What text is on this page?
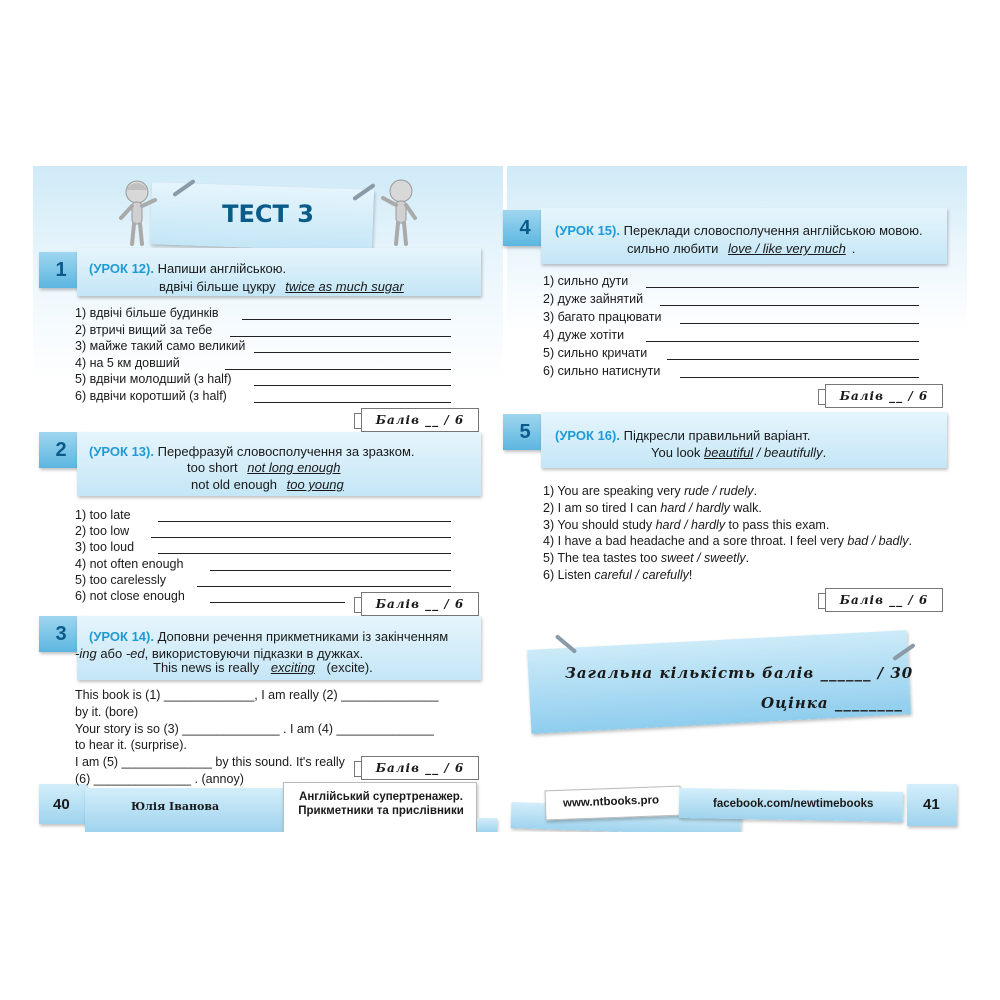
ТЕСТ 3
1	(УРОК 12). Напиши англійською.
вдвічі більше цукру twice as much sugar
Балів __ / 6
2	(УРОК 13). Перефразуй словосполучення за зразком.
too short not long enough
not old enough too young
Балів __ / 6
3	(УРОК 14). Доповни речення прикметниками із закінченням
-ing або -ed, використовуючи підказки в дужках.
This news is really exciting (excite).
Балів __ / 6
4	(УРОК 15). Переклади словосполучення англійською мовою.
сильно любити love / like very much .
Балів __ / 6
5	(УРОК 16). Підкресли правильний варіант.
You look beautiful / beautifully.
Балів __ / 6
Загальна кількість балів ______ / 30
Оцінка ________
40	Юлія Іванова
Англійський супертренажер.
Прикметники та прислівники
www.ntbooks.pro	facebook.com/newtimebooks	41
1) вдвічі більше будинків
2) втричі вищий за тебе
3) майже такий само великий
4) на 5 км довший
5) вдвічи молодший (з half)
6) вдвічи коротший (з half)
1) too late
2) too low
3) too loud
4) not often enough
5) too carelessly
6) not close enough
This book is (1) _____________, I am really (2) ______________
by it. (bore)
Your story is so (3) ______________ . I am (4) ______________
to hear it. (surprise).
I am (5) _____________ by this sound. It's really
(6) ______________ . (annoy)
1) сильно дути
2) дуже зайнятий
3) багато працювати
4) дуже хотіти
5) сильно кричати
6) сильно натиснути
1) You are speaking very rude / rudely.
2) I am so tired I can hard / hardly walk.
3) You should study hard / hardly to pass this exam.
4) I have a bad headache and a sore throat. I feel very bad / badly.
5) The tea tastes too sweet / sweetly.
6) Listen careful / carefully!
